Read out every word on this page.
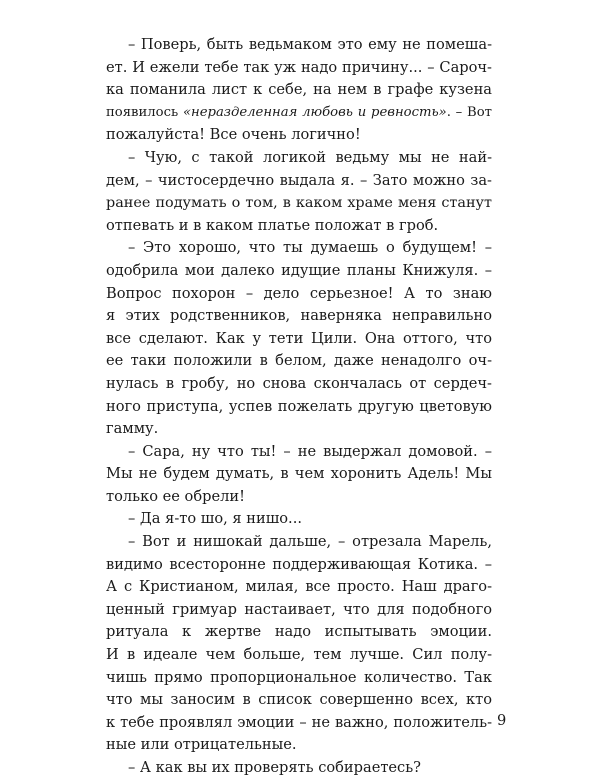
– Поверь, быть ведьмаком это ему не помеша-
ет. И ежели тебе так уж надо причину... – Сароч-
ка поманила лист к себе, на нем в графе кузена
появилось «неразделенная любовь и ревность». – Вот
пожалуйста! Все очень логично!
– Чую, с такой логикой ведьму мы не най-
дем, – чистосердечно выдала я. – Зато можно за-
ранее подумать о том, в каком храме меня станут
отпевать и в каком платье положат в гроб.
– Это хорошо, что ты думаешь о будущем! –
одобрила мои далеко идущие планы Книжуля. –
Вопрос похорон – дело серьезное! А то знаю
я этих родственников, наверняка неправильно
все сделают. Как у тети Цили. Она оттого, что
ее таки положили в белом, даже ненадолго оч-
нулась в гробу, но снова скончалась от сердеч-
ного приступа, успев пожелать другую цветовую
гамму.
– Сара, ну что ты! – не выдержал домовой. –
Мы не будем думать, в чем хоронить Адель! Мы
только ее обрели!
– Да я-то шо, я нишо...
– Вот и нишокай дальше, – отрезала Марель,
видимо всесторонне поддерживающая Котика. –
А с Кристианом, милая, все просто. Наш драго-
ценный гримуар настаивает, что для подобного
ритуала к жертве надо испытывать эмоции.
И в идеале чем больше, тем лучше. Сил полу-
чишь прямо пропорциональное количество. Так
что мы заносим в список совершенно всех, кто
к тебе проявлял эмоции – не важно, положитель-
ные или отрицательные.
– А как вы их проверять собираетесь?
9
